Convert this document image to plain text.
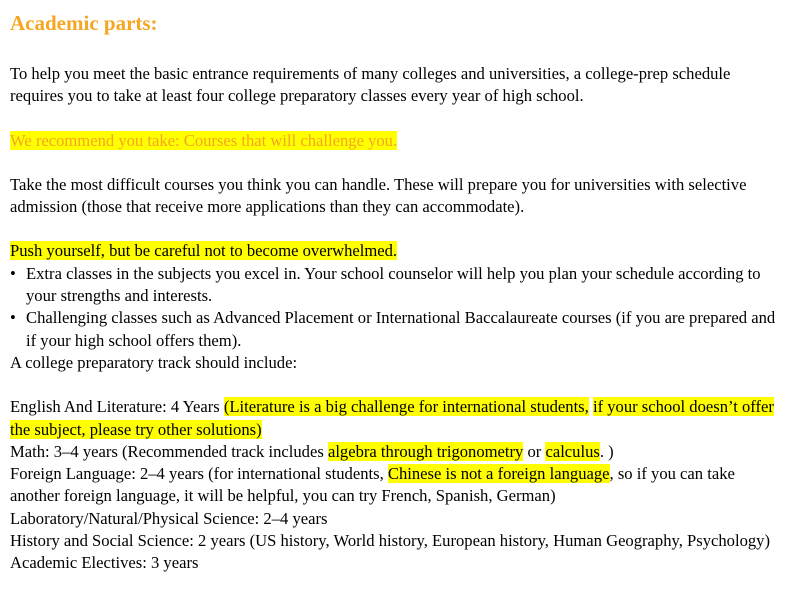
Academic parts:

To help you meet the basic entrance requirements of many colleges and universities, a college-prep schedule requires you to take at least four college preparatory classes every year of high school.

We recommend you take: Courses that will challenge you.

Take the most difficult courses you think you can handle. These will prepare you for universities with selective admission (those that receive more applications than they can accommodate).

Push yourself, but be careful not to become overwhelmed.

• Extra classes in the subjects you excel in. Your school counselor will help you plan your schedule according to your strengths and interests.
• Challenging classes such as Advanced Placement or International Baccalaureate courses (if you are prepared and if your high school offers them).

A college preparatory track should include:

English And Literature: 4 Years (Literature is a big challenge for international students, if your school doesn’t offer the subject, please try other solutions)

Math: 3–4 years (Recommended track includes algebra through trigonometry or calculus. )

Foreign Language: 2–4 years (for international students, Chinese is not a foreign language, so if you can take another foreign language, it will be helpful, you can try French, Spanish, German)

Laboratory/Natural/Physical Science: 2–4 years

History and Social Science: 2 years (US history, World history, European history, Human Geography, Psychology)

Academic Electives: 3 years
